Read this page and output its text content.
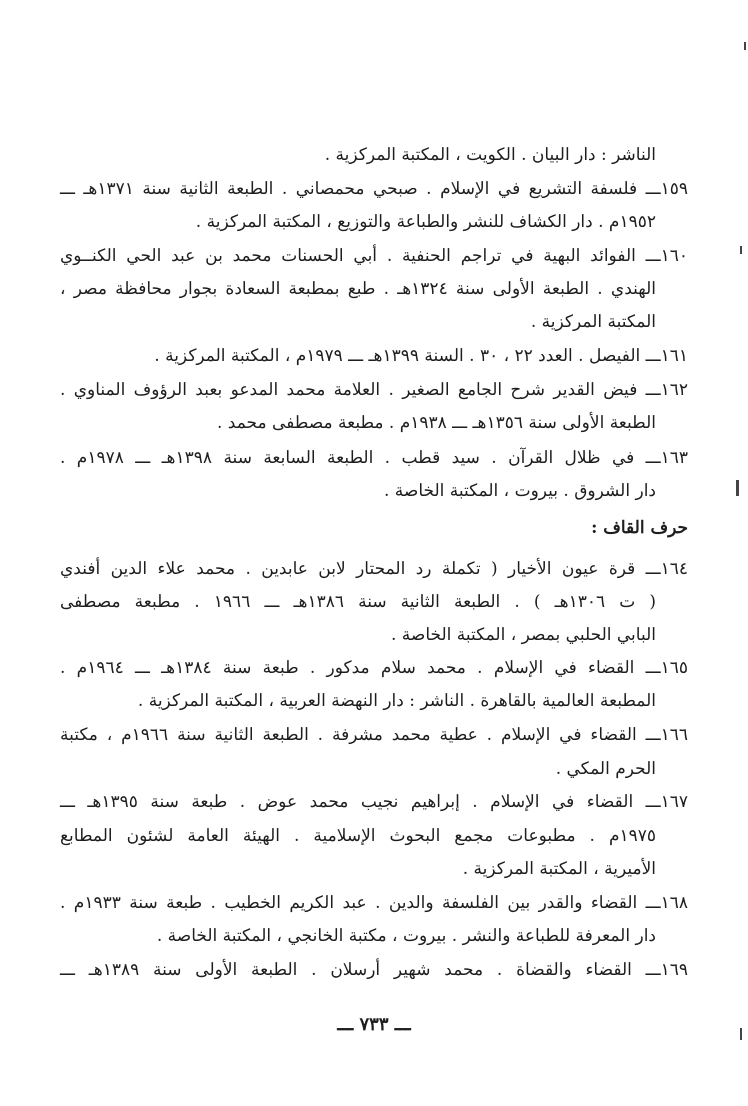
الناشر : دار البيان . الكويت ، المكتبة المركزية .
١٥٩ـــ فلسفة التشريع في الإسلام . صبحي محمصاني . الطبعة الثانية سنة ١٣٧١هـ ـــ
١٩٥٢م . دار الكشاف للنشر والطباعة والتوزيع ، المكتبة المركزية .
١٦٠ـــ الفوائد البهية في تراجم الحنفية . أبي الحسنات محمد بن عبد الحي الكنــوي
الهندي . الطبعة الأولى سنة ١٣٢٤هـ . طبع بمطبعة السعادة بجوار محافظة مصر ،
المكتبة المركزية .
١٦١ـــ الفيصل . العدد ٢٢ ، ٣٠ . السنة ١٣٩٩هـ ـــ ١٩٧٩م ، المكتبة المركزية .
١٦٢ـــ فيض القدير شرح الجامع الصغير . العلامة محمد المدعو بعبد الرؤوف المناوي .
الطبعة الأولى سنة ١٣٥٦هـ ـــ ١٩٣٨م . مطبعة مصطفى محمد .
١٦٣ـــ في ظلال القرآن . سيد قطب . الطبعة السابعة سنة ١٣٩٨هـ ـــ ١٩٧٨م .
دار الشروق . بيروت ، المكتبة الخاصة .
حرف القاف :
١٦٤ـــ قرة عيون الأخيار ( تكملة رد المحتار لابن عابدين . محمد علاء الدين أفندي
( ت ١٣٠٦هـ ) . الطبعة الثانية سنة ١٣٨٦هـ ـــ ١٩٦٦ . مطبعة مصطفى
البابي الحلبي بمصر ، المكتبة الخاصة .
١٦٥ـــ القضاء في الإسلام . محمد سلام مدكور . طبعة سنة ١٣٨٤هـ ـــ ١٩٦٤م .
المطبعة العالمية بالقاهرة . الناشر : دار النهضة العربية ، المكتبة المركزية .
١٦٦ـــ القضاء في الإسلام . عطية محمد مشرفة . الطبعة الثانية سنة ١٩٦٦م ، مكتبة
الحرم المكي .
١٦٧ـــ القضاء في الإسلام . إبراهيم نجيب محمد عوض . طبعة سنة ١٣٩٥هـ ـــ
١٩٧٥م . مطبوعات مجمع البحوث الإسلامية . الهيئة العامة لشئون المطابع
الأميرية ، المكتبة المركزية .
١٦٨ـــ القضاء والقدر بين الفلسفة والدين . عبد الكريم الخطيب . طبعة سنة ١٩٣٣م .
دار المعرفة للطباعة والنشر . بيروت ، مكتبة الخانجي ، المكتبة الخاصة .
١٦٩ـــ القضاء والقضاة . محمد شهير أرسلان . الطبعة الأولى سنة ١٣٨٩هـ ـــ
ـــ ٧٣٣ ـــ
